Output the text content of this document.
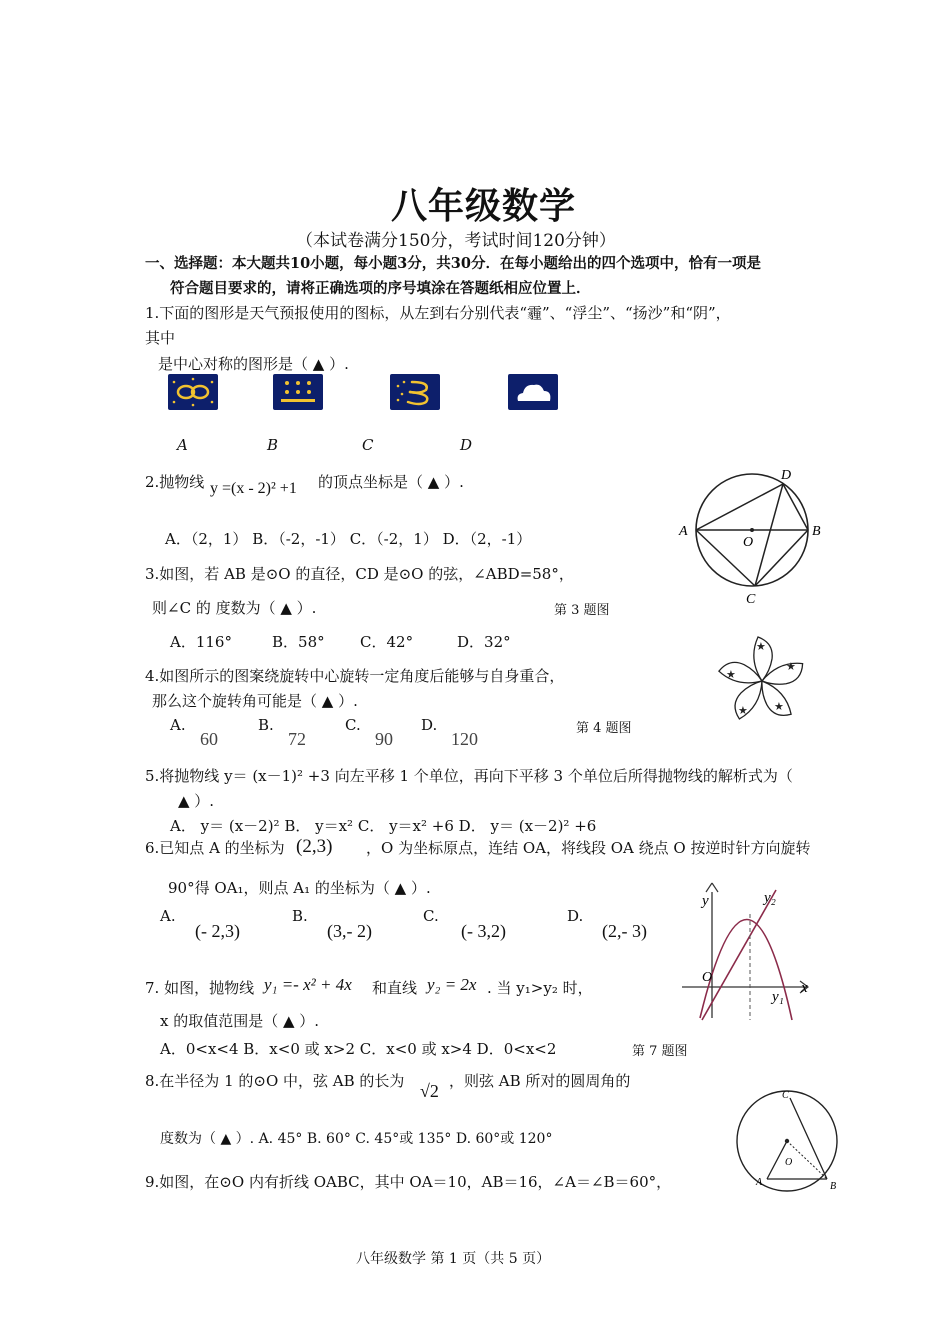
八年级数学
（本试卷满分150分，考试时间120分钟）
一、选择题：本大题共10小题，每小题3分，共30分．在每小题给出的四个选项中，恰有一项是
符合题目要求的，请将正确选项的序号填涂在答题纸相应位置上．
1.下面的图形是天气预报使用的图标，从左到右分别代表“霾”、“浮尘”、“扬沙”和“阴”，
其中
是中心对称的图形是（ ▲ ）.
A	B	C	D
2.抛物线 y =(x - 2)² +1 的顶点坐标是（ ▲ ）.
A．（2，1） B．（-2，-1） C．（-2，1） D．（2，-1）	A	B
O
D
C
3.如图，若 AB 是⊙O 的直径，CD 是⊙O 的弦，∠ABD=58°，
则∠C 的 度数为（ ▲ ）.	第 3 题图
A．116°	B．58° C．42°	D．32°	★
★
★
★
★
4.如图所示的图案绕旋转中心旋转一定角度后能够与自身重合，
那么这个旋转角可能是（ ▲ ）.
A.
60
B.
72
C.
90
D.
120
第 4 题图
5.将抛物线 y＝ (x－1)² +3 向左平移 1 个单位，再向下平移 3 个单位后所得抛物线的解析式为（
▲ ）.
A． y＝ (x－2)² B． y＝x² C． y＝x² +6 D． y＝ (x－2)² +6
6.已知点 A 的坐标为 (2,3) ，O 为坐标原点，连结 OA，将线段 OA 绕点 O 按逆时针方向旋转
90°得 OA₁，则点 A₁ 的坐标为（ ▲ ）.
A.
(- 2,3)
B.
(3,- 2)
C.
(- 3,2)
D.
(2,- 3)
y	y₂
O
y₁
x
7. 如图，抛物线 y₁ =- x² + 4x 和直线 y₂ = 2x . 当 y₁>y₂ 时，
x 的取值范围是（ ▲ ）.
A．0<x<4 B．x<0 或 x>2 C．x<0 或 x>4 D．0<x<2	第 7 题图
8.在半径为 1 的⊙O 中，弦 AB 的长为 √2 ，则弦 AB 所对的圆周角的
度数为（ ▲ ）. A. 45° B. 60° C. 45°或 135° D. 60°或 120°
C
O
A	B
9.如图，在⊙O 内有折线 OABC，其中 OA＝10，AB＝16，∠A＝∠B＝60°，
八年级数学 第 1 页（共 5 页）
